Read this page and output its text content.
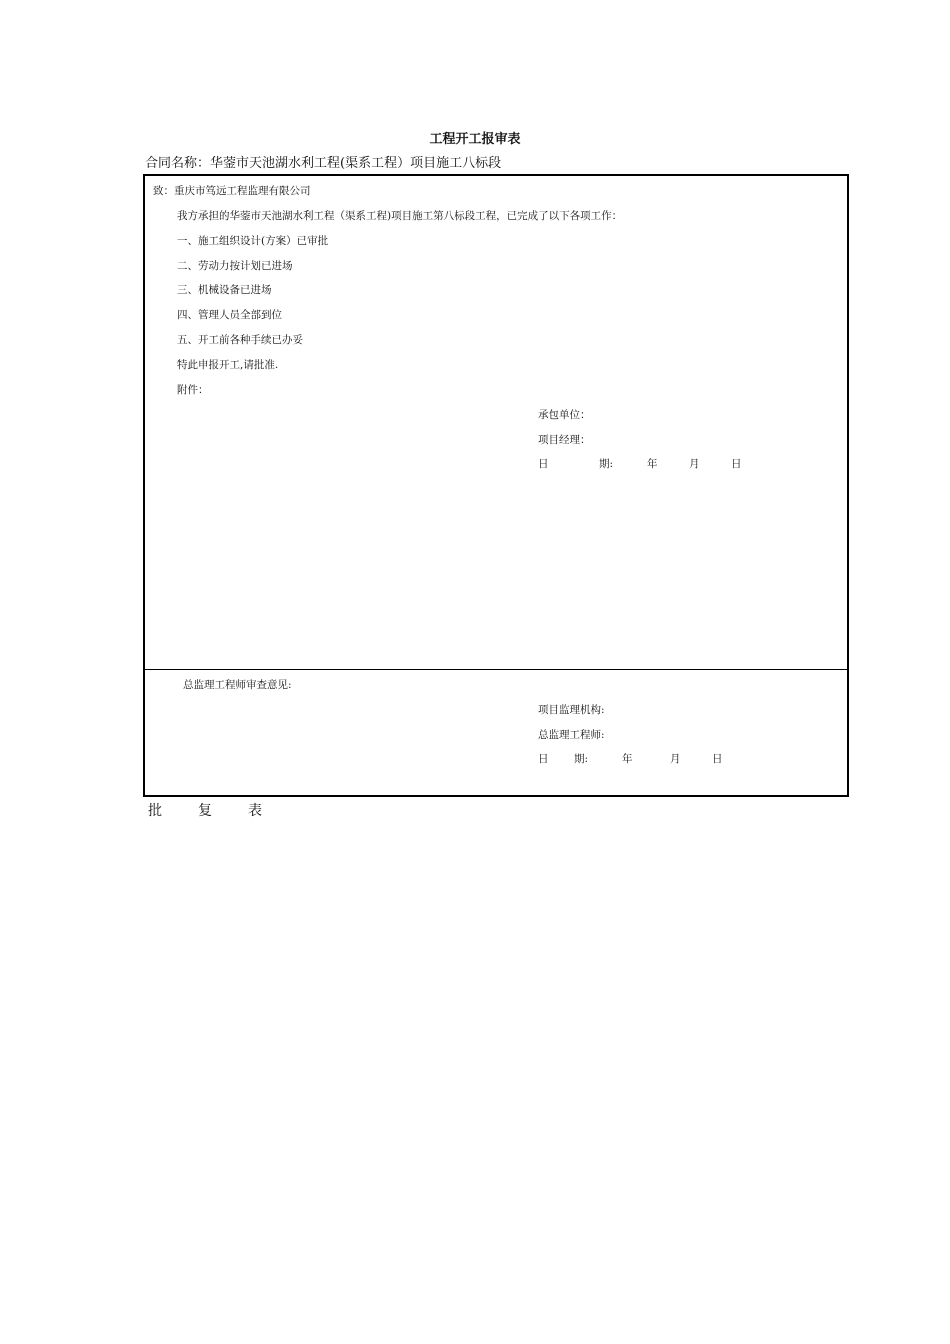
工程开工报审表
合同名称：华蓥市天池湖水利工程(渠系工程）项目施工八标段
致：重庆市笃远工程监理有限公司
我方承担的华蓥市天池湖水利工程（渠系工程)项目施工第八标段工程，已完成了以下各项工作：
一、施工组织设计(方案）已审批
二、劳动力按计划已进场
三、机械设备已进场
四、管理人员全部到位
五、开工前各种手续已办妥
特此申报开工,请批准.
附件：
承包单位：
项目经理：
日	期:	年	月	日
总监理工程师审查意见:
项目监理机构:
总监理工程师:
日 期:	年	月	日
批	复	表
